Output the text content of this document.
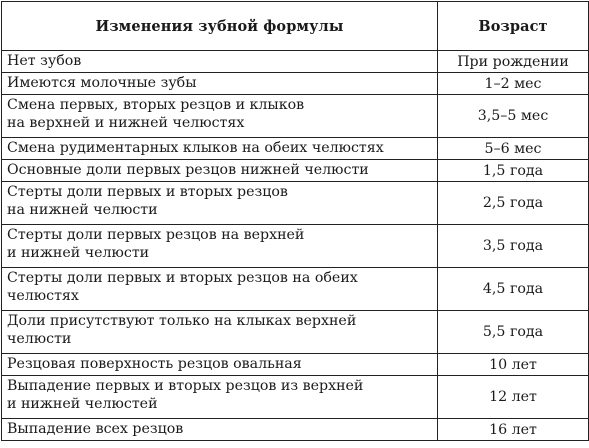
Изменения зубной формулы	Возраст
Нет зубов	При рождении
Имеются молочные зубы	1–2 мес
Смена первых, вторых резцов и клыков
на верхней и нижней челюстях	3,5–5 мес
Смена рудиментарных клыков на обеих челюстях	5–6 мес
Основные доли первых резцов нижней челюсти	1,5 года
Стерты доли первых и вторых резцов
на нижней челюсти	2,5 года
Стерты доли первых резцов на верхней
и нижней челюсти	3,5 года
Стерты доли первых и вторых резцов на обеих
челюстях	4,5 года
Доли присутствуют только на клыках верхней
челюсти	5,5 года
Резцовая поверхность резцов овальная	10 лет
Выпадение первых и вторых резцов из верхней
и нижней челюстей	12 лет
Выпадение всех резцов	16 лет
